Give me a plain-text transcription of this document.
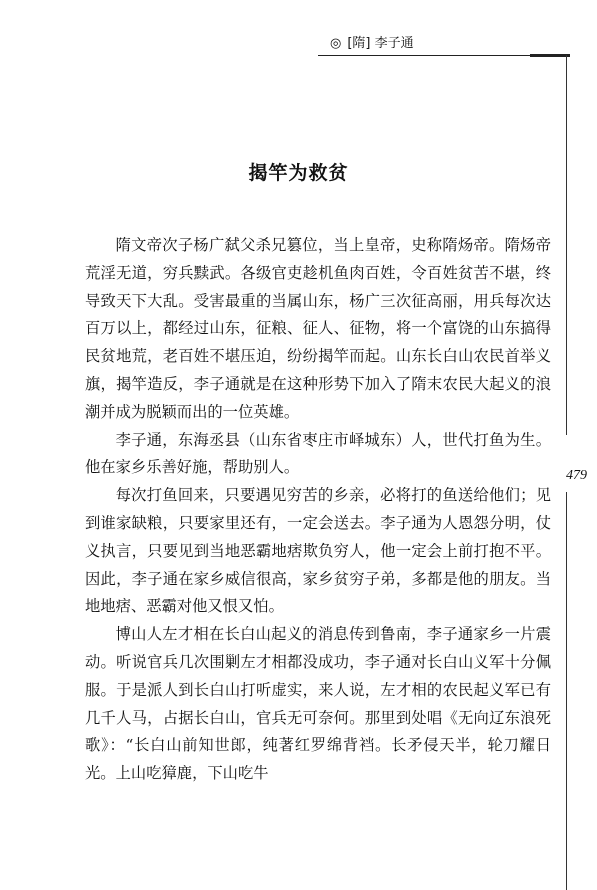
◎ [隋] 李子通
479
揭竿为救贫

隋文帝次子杨广弑父杀兄篡位，当上皇帝，史称隋炀帝。隋炀帝荒淫无道，穷兵黩武。各级官吏趁机鱼肉百姓，令百姓贫苦不堪，终导致天下大乱。受害最重的当属山东，杨广三次征高丽，用兵每次达百万以上，都经过山东，征粮、征人、征物，将一个富饶的山东搞得民贫地荒，老百姓不堪压迫，纷纷揭竿而起。山东长白山农民首举义旗，揭竿造反，李子通就是在这种形势下加入了隋末农民大起义的浪潮并成为脱颖而出的一位英雄。

李子通，东海丞县（山东省枣庄市峄城东）人，世代打鱼为生。他在家乡乐善好施，帮助别人。

每次打鱼回来，只要遇见穷苦的乡亲，必将打的鱼送给他们；见到谁家缺粮，只要家里还有，一定会送去。李子通为人恩怨分明，仗义执言，只要见到当地恶霸地痞欺负穷人，他一定会上前打抱不平。因此，李子通在家乡威信很高，家乡贫穷子弟，多都是他的朋友。当地地痞、恶霸对他又恨又怕。

博山人左才相在长白山起义的消息传到鲁南，李子通家乡一片震动。听说官兵几次围剿左才相都没成功，李子通对长白山义军十分佩服。于是派人到长白山打听虚实，来人说，左才相的农民起义军已有几千人马，占据长白山，官兵无可奈何。那里到处唱《无向辽东浪死歌》：“长白山前知世郎，纯著红罗绵背裆。长矛侵天半，轮刀耀日光。上山吃獐鹿，下山吃牛
